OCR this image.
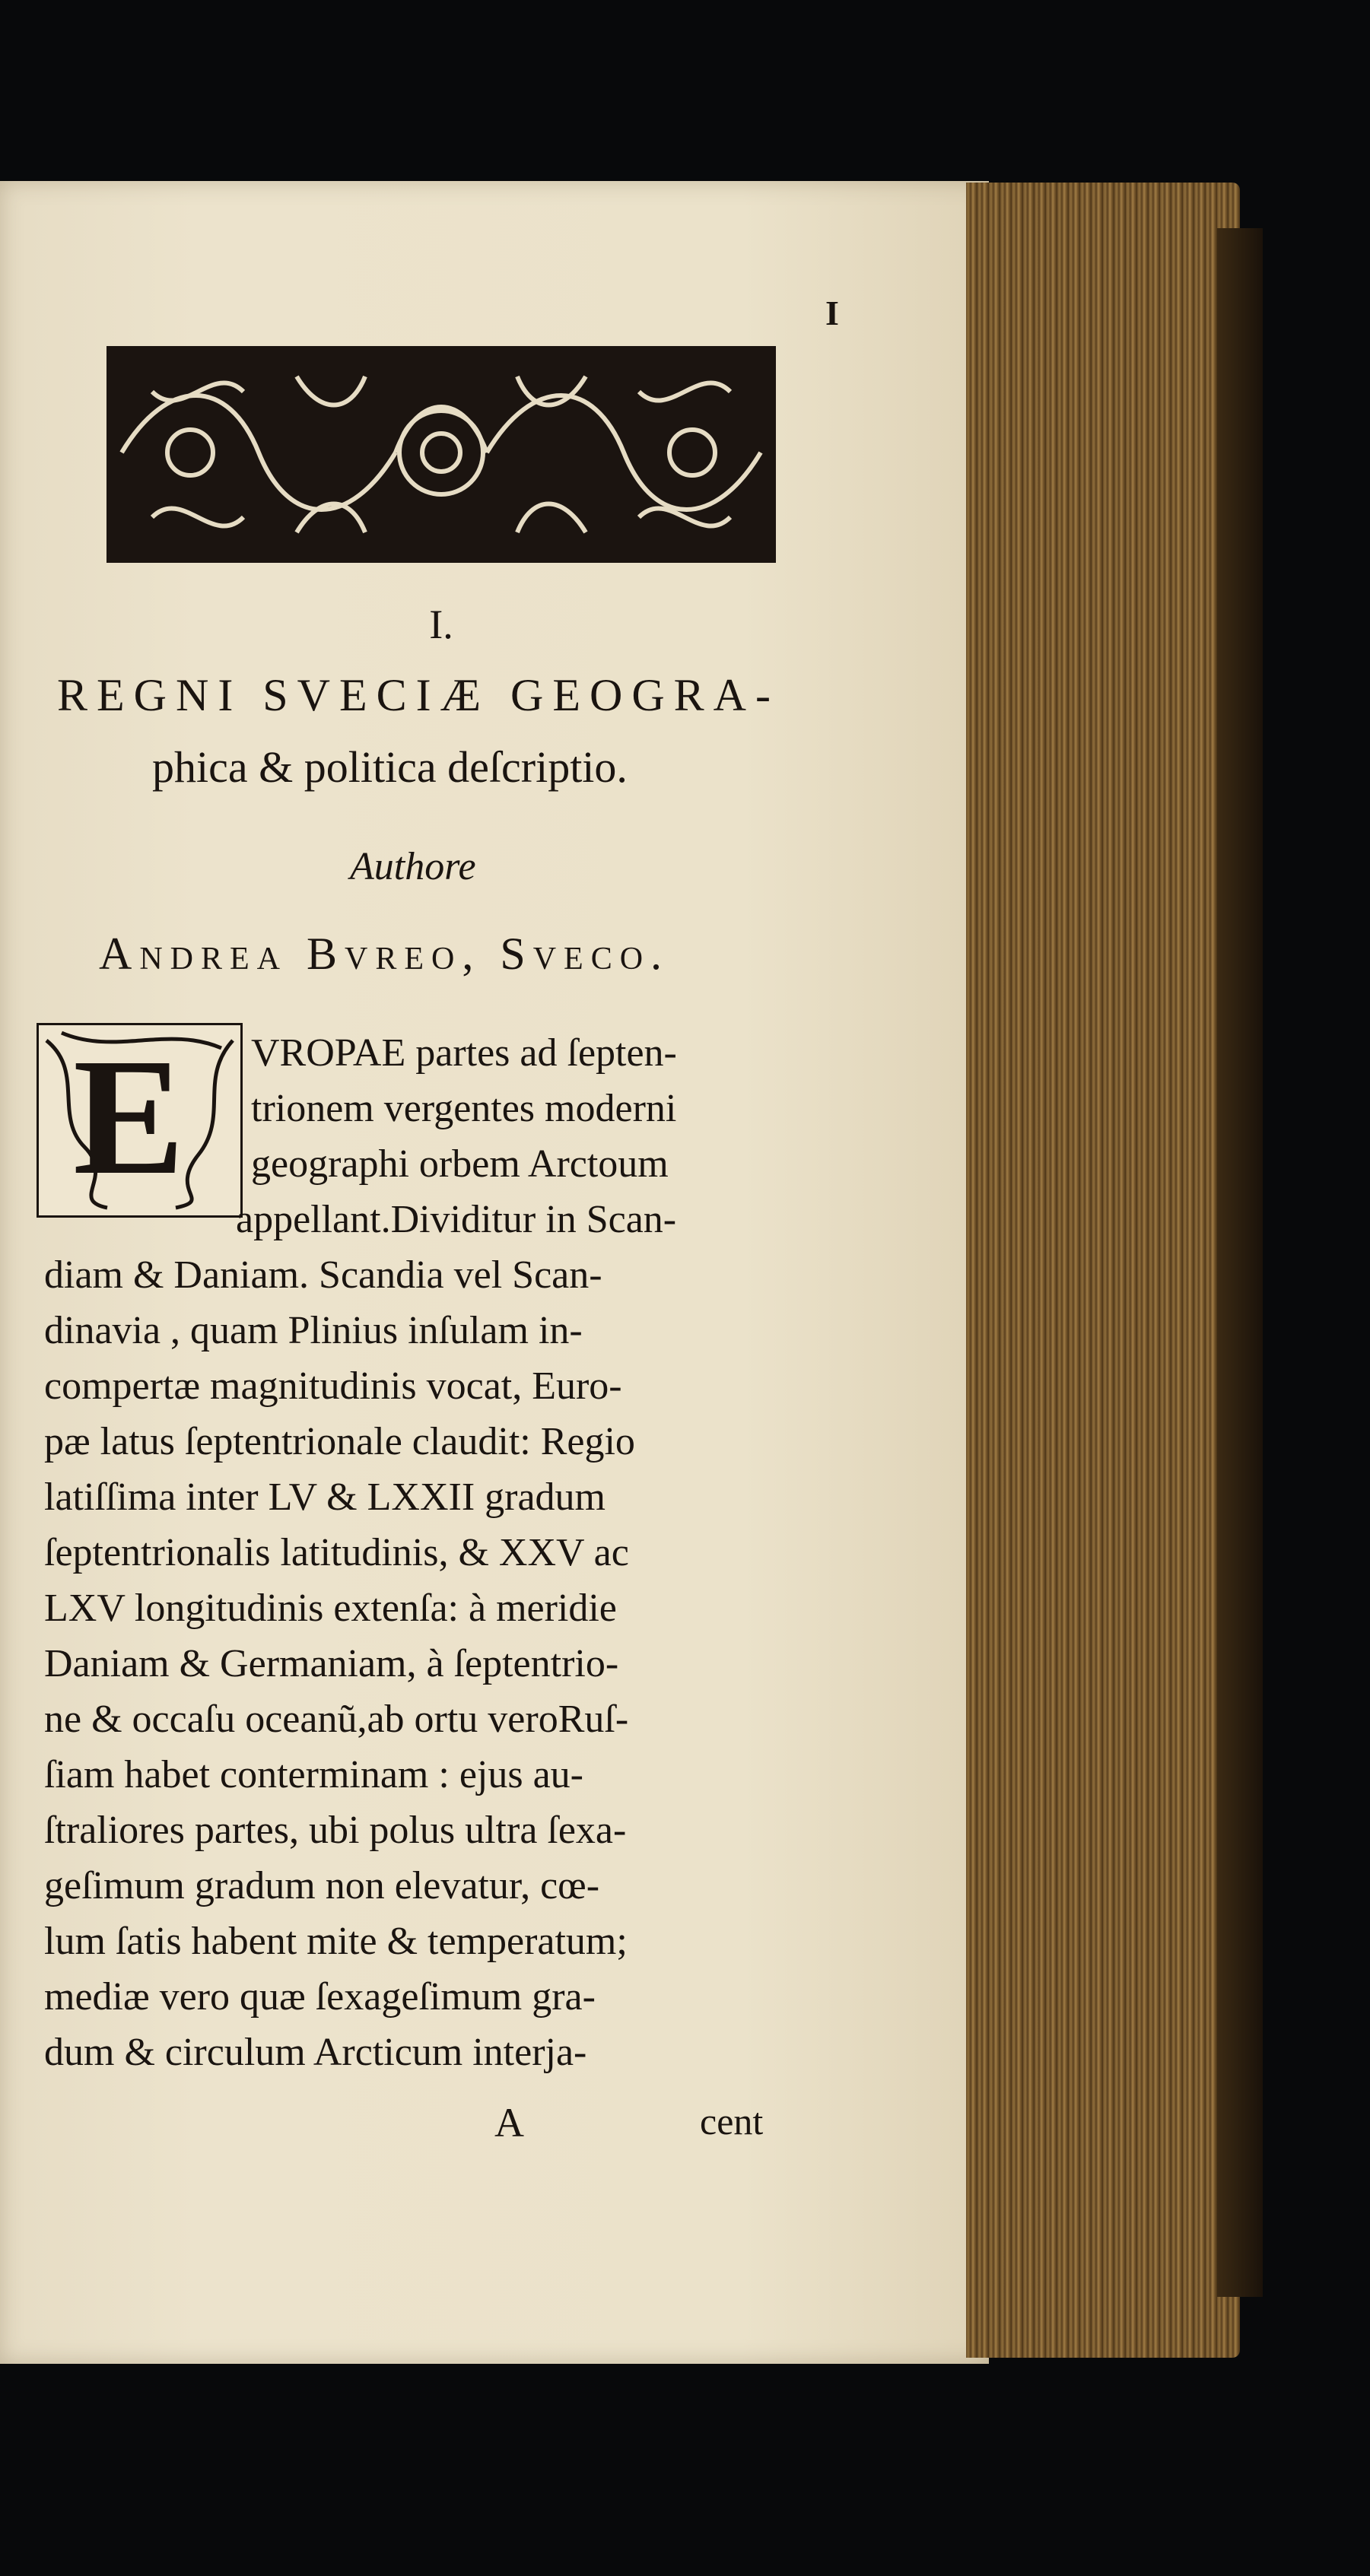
I
I.
REGNI SVECIÆ GEOGRA-
phica & politica deſcriptio.
Authore
Andrea Bvreo, Sveco.
E VROPAE partes ad ſepten-
trionem vergentes moderni
geographi orbem Arctoum
appellant.Dividitur in Scan-
diam & Daniam. Scandia vel Scan-
dinavia , quam Plinius inſulam in-
compertæ magnitudinis vocat, Euro-
pæ latus ſeptentrionale claudit: Regio
latiſſima inter LV & LXXII gradum
ſeptentrionalis latitudinis, & XXV ac
LXV longitudinis extenſa: à meridie
Daniam & Germaniam, à ſeptentrio-
ne & occaſu oceanũ,ab ortu veroRuſ-
ſiam habet conterminam : ejus au-
ſtraliores partes, ubi polus ultra ſexa-
geſimum gradum non elevatur, cœ-
lum ſatis habent mite & temperatum;
mediæ vero quæ ſexageſimum gra-
dum & circulum Arcticum interja-
A	cent
